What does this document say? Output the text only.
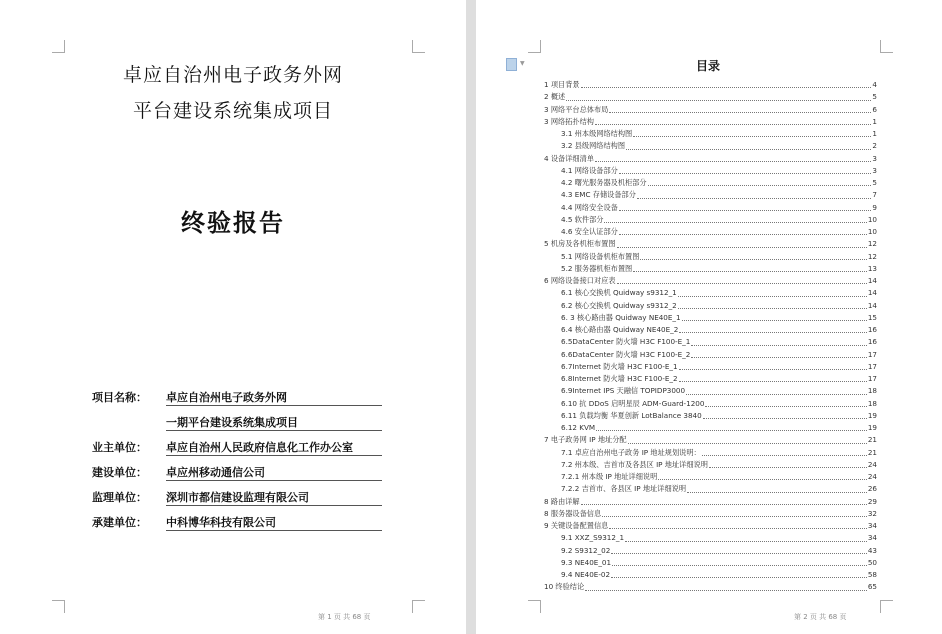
卓应自治州电子政务外网
平台建设系统集成项目
终验报告
项目名称： 卓应自治州电子政务外网
一期平台建设系统集成项目
业主单位： 卓应自治州人民政府信息化工作办公室
建设单位： 卓应州移动通信公司
监理单位： 深圳市都信建设监理有限公司
承建单位： 中科博华科技有限公司
第 1 页 共 68 页
▼	目录
1 项目背景	4
2 概述	5
3 网络平台总体布局	6
3 网络拓扑结构	1
3.1 州本级网络结构图	1
3.2 县级网络结构图	2
4 设备详细清单	3
4.1 网络设备部分	3
4.2 曙光服务器及机柜部分	5
4.3 EMC 存储设备部分	7
4.4 网络安全设备	9
4.5 软件部分	10
4.6 安全认证部分	10
5 机房及各机柜布置图	12
5.1 网络设备机柜布置图	12
5.2 服务器机柜布置图	13
6 网络设备接口对应表	14
6.1 核心交换机 Quidway s9312_1	14
6.2 核心交换机 Quidway s9312_2	14
6. 3 核心路由器 Quidway NE40E_1	15
6.4 核心路由器 Quidway NE40E_2	16
6.5DataCenter 防火墙 H3C F100-E_1	16
6.6DataCenter 防火墙 H3C F100-E_2	17
6.7Internet 防火墙 H3C F100-E_1	17
6.8Internet 防火墙 H3C F100-E_2	17
6.9Internet IPS 天融信 TOPIDP3000	18
6.10 抗 DDoS 启明星辰 ADM-Guard-1200	18
6.11 负载均衡 华夏创新 LotBalance 3840	19
6.12 KVM	19
7 电子政务网 IP 地址分配	21
7.1 卓应自治州电子政务 IP 地址规划说明：	21
7.2 州本级、吉首市及各县区 IP 地址详细说明	24
7.2.1 州本级 IP 地址详细说明	24
7.2.2 吉首市、各县区 IP 地址详细说明	26
8 路由详解	29
8 服务器设备信息	32
9 关键设备配置信息	34
9.1 XXZ_S9312_1	34
9.2 S9312_02	43
9.3 NE40E_01	50
9.4 NE40E-02	58
10 终验结论	65
第 2 页 共 68 页
